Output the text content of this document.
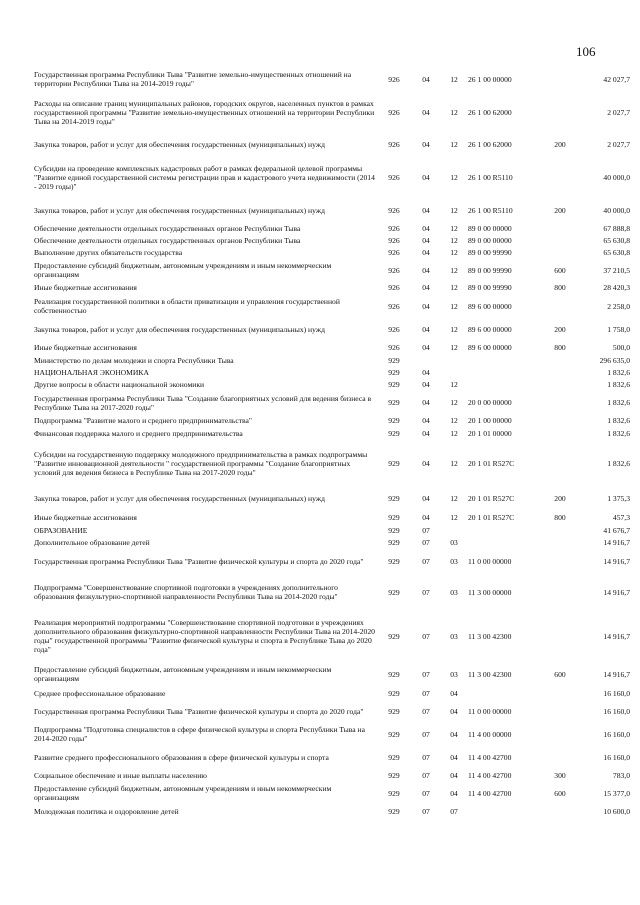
106
Государственная программа Республики Тыва "Развитие земельно-имущественных отношений на территории Республики Тыва на 2014-2019 годы"	926	04	12	26 1 00 00000		42 027,7
Расходы на описание границ муниципальных районов, городских округов, населенных пунктов в рамках государственной программы "Развитие земельно-имущественных отношений на территории Республики Тыва на 2014-2019 годы"	926	04	12	26 1 00 62000		2 027,7
Закупка товаров, работ и услуг для обеспечения государственных (муниципальных) нужд	926	04	12	26 1 00 62000	200	2 027,7
Субсидии на проведение комплексных кадастровых работ в рамках федеральной целевой программы "Развитие единой государственной системы регистрации прав и кадастрового учета недвижимости (2014 - 2019 годы)"	926	04	12	26 1 00 R5110		40 000,0
Закупка товаров, работ и услуг для обеспечения государственных (муниципальных) нужд	926	04	12	26 1 00 R5110	200	40 000,0
Обеспечение деятельности отдельных государственных органов Республики Тыва	926	04	12	89 0 00 00000		67 888,8
Обеспечение деятельности отдельных государственных органов Республики Тыва	926	04	12	89 0 00 00000		65 630,8
Выполнение других обязательств государства	926	04	12	89 0 00 99990		65 630,8
Предоставление субсидий бюджетным, автономным учреждениям и иным некоммерческим организациям	926	04	12	89 0 00 99990	600	37 210,5
Иные бюджетные ассигнования	926	04	12	89 0 00 99990	800	28 420,3
Реализация государственной политики в области приватизации и управления государственной собственностью	926	04	12	89 6 00 00000		2 258,0
Закупка товаров, работ и услуг для обеспечения государственных (муниципальных) нужд	926	04	12	89 6 00 00000	200	1 758,0
Иные бюджетные ассигнования	926	04	12	89 6 00 00000	800	500,0
Министерство по делам молодежи и спорта Республики Тыва	929					296 635,0
НАЦИОНАЛЬНАЯ ЭКОНОМИКА	929	04				1 832,6
Другие вопросы в области национальной экономики	929	04	12			1 832,6
Государственная программа Республики Тыва "Создание благоприятных условий для ведения бизнеса в Республике Тыва на 2017-2020 годы"	929	04	12	20 0 00 00000		1 832,6
Подпрограмма "Развитие малого и среднего предпринимательства"	929	04	12	20 1 00 00000		1 832,6
Финансовая поддержка малого и среднего предпринимательства	929	04	12	20 1 01 00000		1 832,6
Субсидии на государственную поддержку молодежного предпринимательства в рамках подпрограммы "Развитие инновационной деятельности " государственной программы "Создание благоприятных условий для ведения бизнеса в Республике Тыва на 2017-2020 годы"	929	04	12	20 1 01 R527C		1 832,6
Закупка товаров, работ и услуг для обеспечения государственных (муниципальных) нужд	929	04	12	20 1 01 R527C	200	1 375,3
Иные бюджетные ассигнования	929	04	12	20 1 01 R527C	800	457,3
ОБРАЗОВАНИЕ	929	07				41 676,7
Дополнительное образование детей	929	07	03			14 916,7
Государственная программа Республики Тыва "Развитие физической культуры и спорта до 2020 года"	929	07	03	11 0 00 00000		14 916,7
Подпрограмма "Совершенствование спортивной подготовки в учреждениях дополнительного образования физкультурно-спортивной направленности Республики Тыва на 2014-2020 годы"	929	07	03	11 3 00 00000		14 916,7
Реализация мероприятий подпрограммы "Совершенствование спортивной подготовки в учреждениях дополнительного образования физкультурно-спортивной направленности Республики Тыва на 2014-2020 годы" государственной программы "Развитие физической культуры и спорта в Республике Тыва до 2020 года"	929	07	03	11 3 00 42300		14 916,7
Предоставление субсидий бюджетным, автономным учреждениям и иным некоммерческим организациям	929	07	03	11 3 00 42300	600	14 916,7
Среднее профессиональное образование	929	07	04			16 160,0
Государственная программа Республики Тыва "Развитие физической культуры и спорта до 2020 года"	929	07	04	11 0 00 00000		16 160,0
Подпрограмма "Подготовка специалистов в сфере физической культуры и спорта Республики Тыва на 2014-2020 годы"	929	07	04	11 4 00 00000		16 160,0
Развитие среднего профессионального образования в сфере физической культуры и спорта	929	07	04	11 4 00 42700		16 160,0
Социальное обеспечение и иные выплаты населению	929	07	04	11 4 00 42700	300	783,0
Предоставление субсидий бюджетным, автономным учреждениям и иным некоммерческим организациям	929	07	04	11 4 00 42700	600	15 377,0
Молодежная политика и оздоровление детей	929	07	07			10 600,0
